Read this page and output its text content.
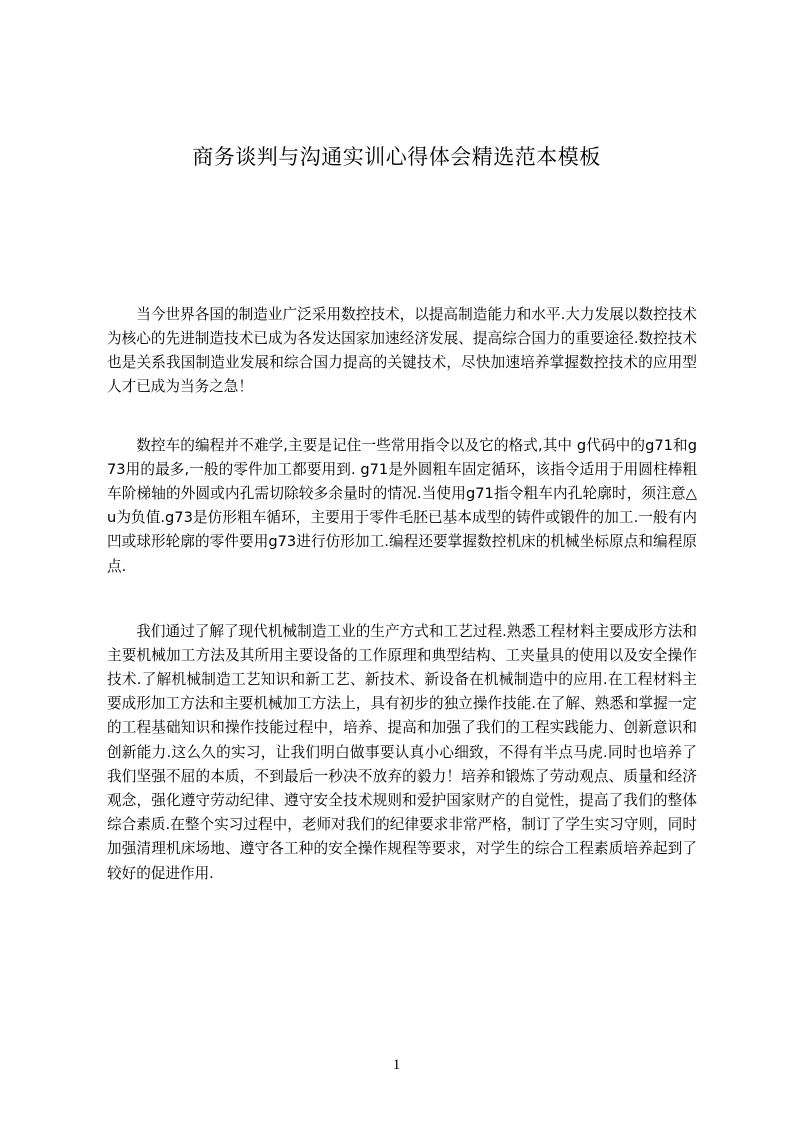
商务谈判与沟通实训心得体会精选范本模板

当今世界各国的制造业广泛采用数控技术，以提高制造能力和水平.大力发展以数控技术为核心的先进制造技术已成为各发达国家加速经济发展、提高综合国力的重要途径.数控技术也是关系我国制造业发展和综合国力提高的关键技术，尽快加速培养掌握数控技术的应用型人才已成为当务之急！

数控车的编程并不难学,主要是记住一些常用指令以及它的格式,其中 g代码中的g71和g73用的最多,一般的零件加工都要用到. g71是外圆粗车固定循环，该指令适用于用圆柱棒粗车阶梯轴的外圆或内孔需切除较多余量时的情况.当使用g71指令粗车内孔轮廓时，须注意△u为负值.g73是仿形粗车循环，主要用于零件毛胚已基本成型的铸件或锻件的加工.一般有内凹或球形轮廓的零件要用g73进行仿形加工.编程还要掌握数控机床的机械坐标原点和编程原点.

我们通过了解了现代机械制造工业的生产方式和工艺过程.熟悉工程材料主要成形方法和主要机械加工方法及其所用主要设备的工作原理和典型结构、工夹量具的使用以及安全操作技术.了解机械制造工艺知识和新工艺、新技术、新设备在机械制造中的应用.在工程材料主要成形加工方法和主要机械加工方法上，具有初步的独立操作技能.在了解、熟悉和掌握一定的工程基础知识和操作技能过程中，培养、提高和加强了我们的工程实践能力、创新意识和创新能力.这么久的实习，让我们明白做事要认真小心细致，不得有半点马虎.同时也培养了我们坚强不屈的本质，不到最后一秒决不放弃的毅力！培养和锻炼了劳动观点、质量和经济观念，强化遵守劳动纪律、遵守安全技术规则和爱护国家财产的自觉性，提高了我们的整体综合素质.在整个实习过程中，老师对我们的纪律要求非常严格，制订了学生实习守则，同时加强清理机床场地、遵守各工种的安全操作规程等要求，对学生的综合工程素质培养起到了较好的促进作用.

1
